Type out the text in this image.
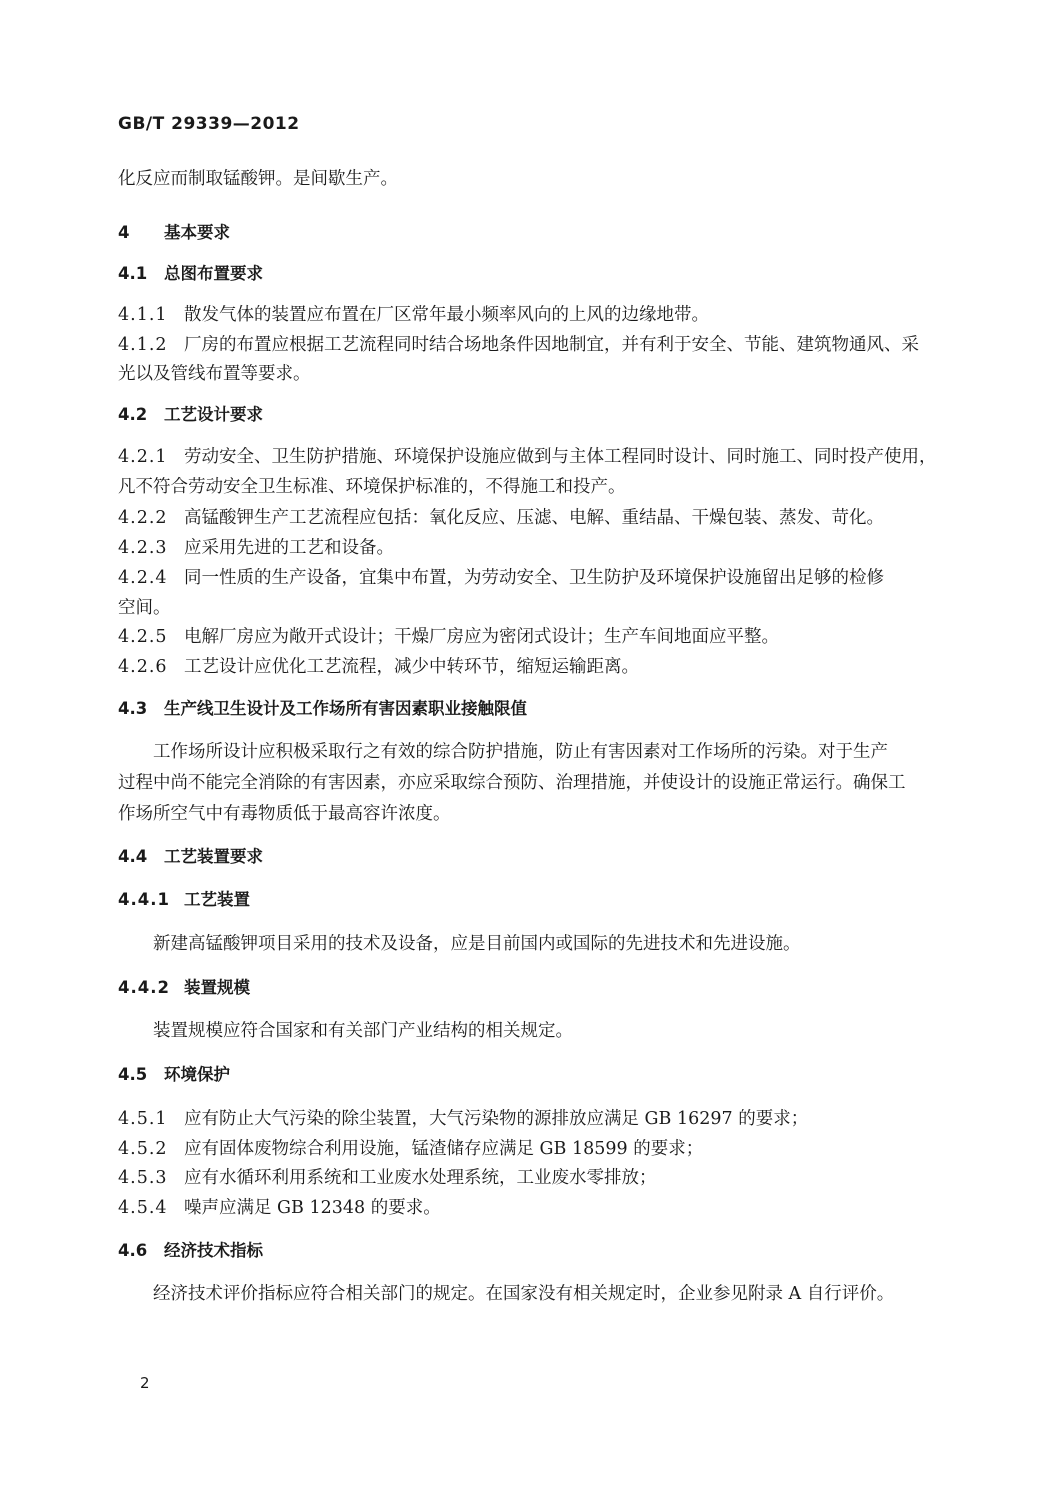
GB/T 29339—2012
化反应而制取锰酸钾。是间歇生产。
4 基本要求
4.1 总图布置要求
4.1.1 散发气体的装置应布置在厂区常年最小频率风向的上风的边缘地带。
4.1.2 厂房的布置应根据工艺流程同时结合场地条件因地制宜，并有利于安全、节能、建筑物通风、采
光以及管线布置等要求。
4.2 工艺设计要求
4.2.1 劳动安全、卫生防护措施、环境保护设施应做到与主体工程同时设计、同时施工、同时投产使用，
凡不符合劳动安全卫生标准、环境保护标准的，不得施工和投产。
4.2.2 高锰酸钾生产工艺流程应包括：氧化反应、压滤、电解、重结晶、干燥包装、蒸发、苛化。
4.2.3 应采用先进的工艺和设备。
4.2.4 同一性质的生产设备，宜集中布置，为劳动安全、卫生防护及环境保护设施留出足够的检修
空间。
4.2.5 电解厂房应为敞开式设计；干燥厂房应为密闭式设计；生产车间地面应平整。
4.2.6 工艺设计应优化工艺流程，减少中转环节，缩短运输距离。
4.3 生产线卫生设计及工作场所有害因素职业接触限值
工作场所设计应积极采取行之有效的综合防护措施，防止有害因素对工作场所的污染。对于生产
过程中尚不能完全消除的有害因素，亦应采取综合预防、治理措施，并使设计的设施正常运行。确保工
作场所空气中有毒物质低于最高容许浓度。
4.4 工艺装置要求
4.4.1 工艺装置
新建高锰酸钾项目采用的技术及设备，应是目前国内或国际的先进技术和先进设施。
4.4.2 装置规模
装置规模应符合国家和有关部门产业结构的相关规定。
4.5 环境保护
4.5.1 应有防止大气污染的除尘装置，大气污染物的源排放应满足 GB 16297 的要求；
4.5.2 应有固体废物综合利用设施，锰渣储存应满足 GB 18599 的要求；
4.5.3 应有水循环利用系统和工业废水处理系统，工业废水零排放；
4.5.4 噪声应满足 GB 12348 的要求。
4.6 经济技术指标
经济技术评价指标应符合相关部门的规定。在国家没有相关规定时，企业参见附录 A 自行评价。
2
